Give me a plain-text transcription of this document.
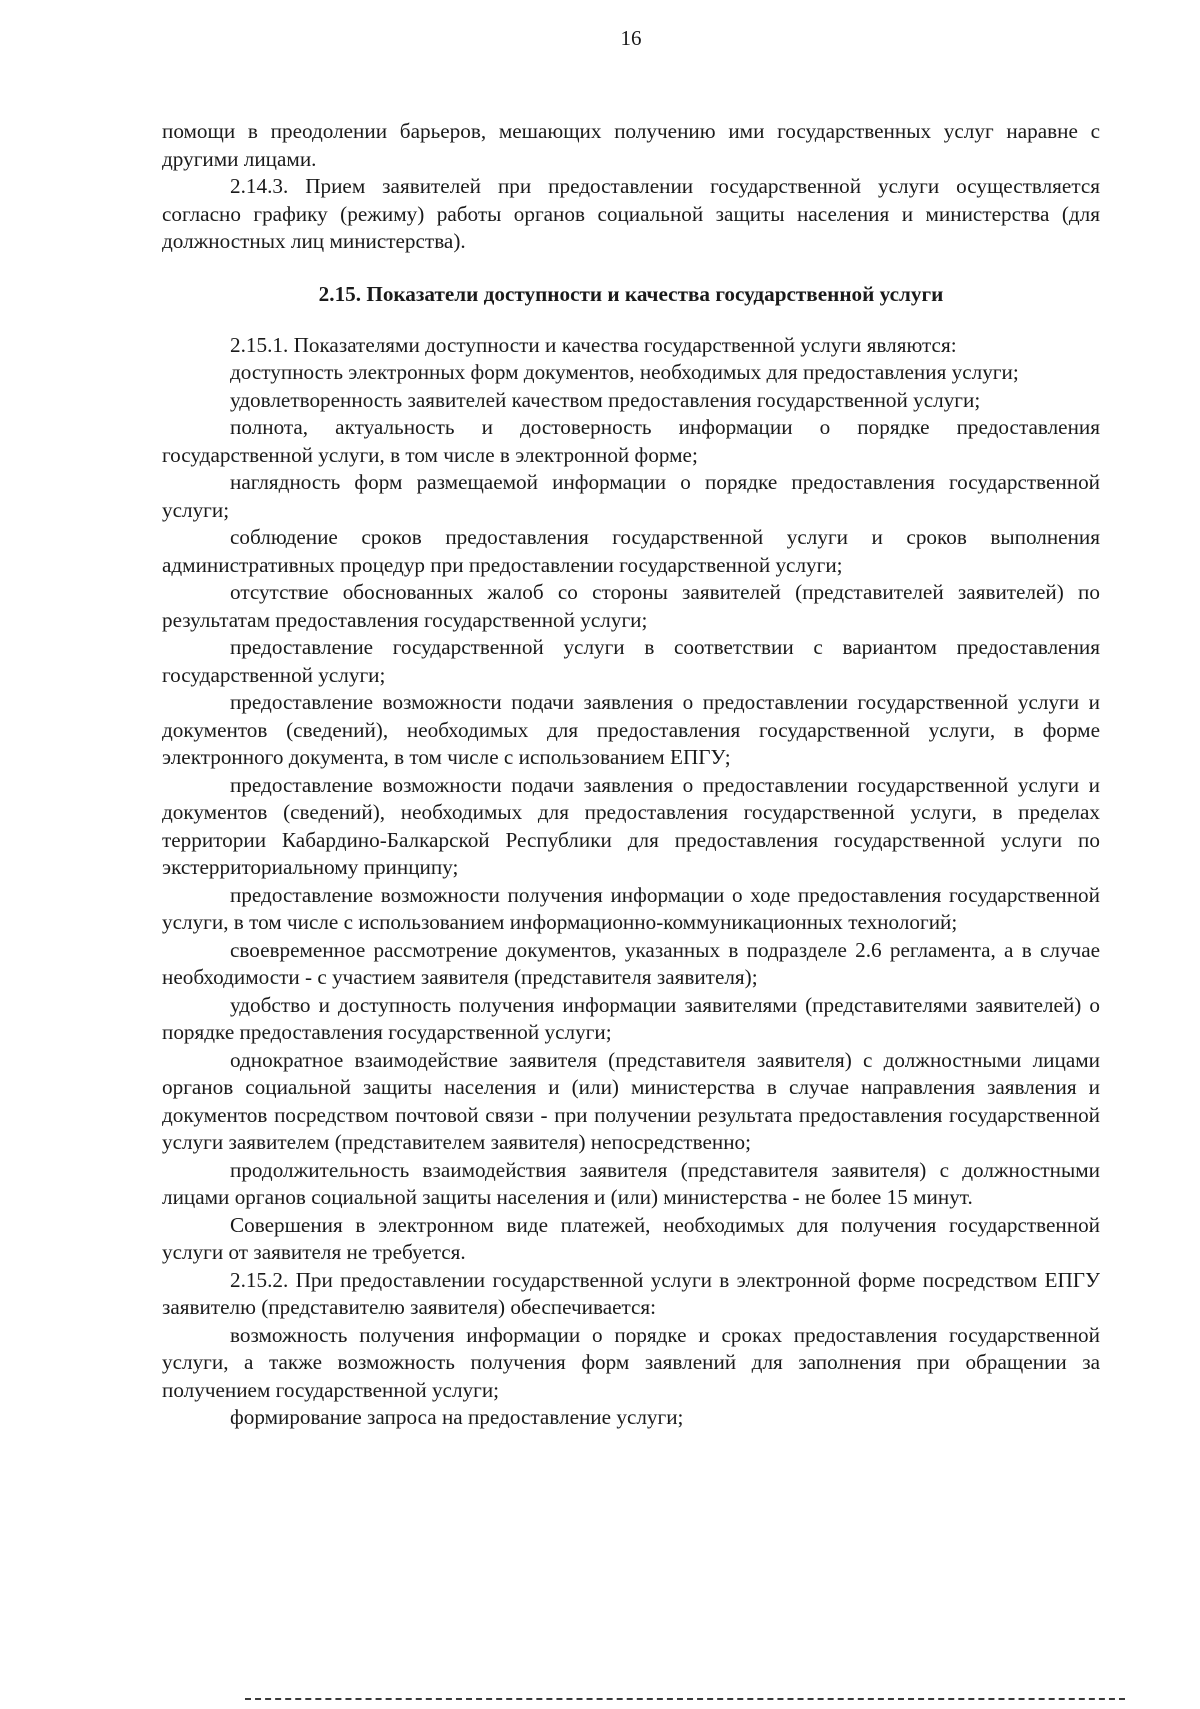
16

помощи в преодолении барьеров, мешающих получению ими государственных услуг наравне с другими лицами.

2.14.3. Прием заявителей при предоставлении государственной услуги осуществляется согласно графику (режиму) работы органов социальной защиты населения и министерства (для должностных лиц министерства).

2.15. Показатели доступности и качества государственной услуги

2.15.1. Показателями доступности и качества государственной услуги являются:

доступность электронных форм документов, необходимых для предоставления услуги;

удовлетворенность заявителей качеством предоставления государственной услуги;

полнота, актуальность и достоверность информации о порядке предоставления государственной услуги, в том числе в электронной форме;

наглядность форм размещаемой информации о порядке предоставления государственной услуги;

соблюдение сроков предоставления государственной услуги и сроков выполнения административных процедур при предоставлении государственной услуги;

отсутствие обоснованных жалоб со стороны заявителей (представителей заявителей) по результатам предоставления государственной услуги;

предоставление государственной услуги в соответствии с вариантом предоставления государственной услуги;

предоставление возможности подачи заявления о предоставлении государственной услуги и документов (сведений), необходимых для предоставления государственной услуги, в форме электронного документа, в том числе с использованием ЕПГУ;

предоставление возможности подачи заявления о предоставлении государственной услуги и документов (сведений), необходимых для предоставления государственной услуги, в пределах территории Кабардино-Балкарской Республики для предоставления государственной услуги по экстерриториальному принципу;

предоставление возможности получения информации о ходе предоставления государственной услуги, в том числе с использованием информационно-коммуникационных технологий;

своевременное рассмотрение документов, указанных в подразделе 2.6 регламента, а в случае необходимости - с участием заявителя (представителя заявителя);

удобство и доступность получения информации заявителями (представителями заявителей) о порядке предоставления государственной услуги;

однократное взаимодействие заявителя (представителя заявителя) с должностными лицами органов социальной защиты населения и (или) министерства в случае направления заявления и документов посредством почтовой связи - при получении результата предоставления государственной услуги заявителем (представителем заявителя) непосредственно;

продолжительность взаимодействия заявителя (представителя заявителя) с должностными лицами органов социальной защиты населения и (или) министерства - не более 15 минут.

Совершения в электронном виде платежей, необходимых для получения государственной услуги от заявителя не требуется.

2.15.2. При предоставлении государственной услуги в электронной форме посредством ЕПГУ заявителю (представителю заявителя) обеспечивается:

возможность получения информации о порядке и сроках предоставления государственной услуги, а также возможность получения форм заявлений для заполнения при обращении за получением государственной услуги;

формирование запроса на предоставление услуги;
